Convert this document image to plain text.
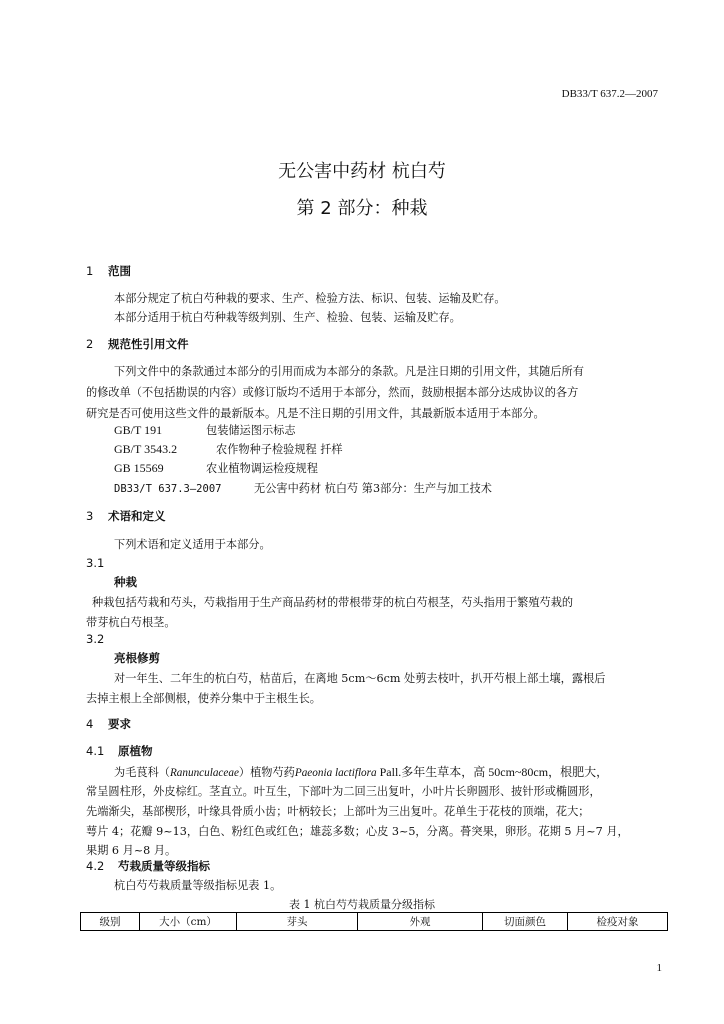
DB33/T 637.2—2007
无公害中药材 杭白芍
第 2 部分：种栽
1 范围
本部分规定了杭白芍种栽的要求、生产、检验方法、标识、包装、运输及贮存。
本部分适用于杭白芍种栽等级判别、生产、检验、包装、运输及贮存。
2 规范性引用文件
下列文件中的条款通过本部分的引用而成为本部分的条款。凡是注日期的引用文件，其随后所有
的修改单（不包括勘误的内容）或修订版均不适用于本部分，然而，鼓励根据本部分达成协议的各方
研究是否可使用这些文件的最新版本。凡是不注日期的引用文件，其最新版本适用于本部分。
GB/T 191	包装储运图示标志
GB/T 3543.2	农作物种子检验规程 扦样
GB 15569	农业植物调运检疫规程
DB33/T 637.3—2007	无公害中药材 杭白芍 第3部分：生产与加工技术
3 术语和定义
下列术语和定义适用于本部分。
3.1
种栽
种栽包括芍栽和芍头，芍栽指用于生产商品药材的带根带芽的杭白芍根茎，芍头指用于繁殖芍栽的
带芽杭白芍根茎。
3.2
亮根修剪
对一年生、二年生的杭白芍，枯苗后，在离地 5cm～6cm 处剪去枝叶，扒开芍根上部土壤，露根后
去掉主根上全部侧根，使养分集中于主根生长。
4 要求
4.1 原植物
为毛茛科（Ranunculaceae）植物芍药Paeonia lactiflora Pall.多年生草本，高 50cm~80cm，根肥大，
常呈圆柱形，外皮棕红。茎直立。叶互生，下部叶为二回三出复叶，小叶片长卵圆形、披针形或椭圆形，
先端渐尖，基部楔形，叶缘具骨质小齿；叶柄较长；上部叶为三出复叶。花单生于花枝的顶端，花大；
萼片 4；花瓣 9~13，白色、粉红色或红色；雄蕊多数；心皮 3~5，分离。蓇突果，卵形。花期 5 月~7 月，
果期 6 月~8 月。
4.2 芍栽质量等级指标
杭白芍芍栽质量等级指标见表 1。
表 1 杭白芍芍栽质量分级指标
级别	大小（cm）	芽头	外观	切面颜色	检疫对象
1
